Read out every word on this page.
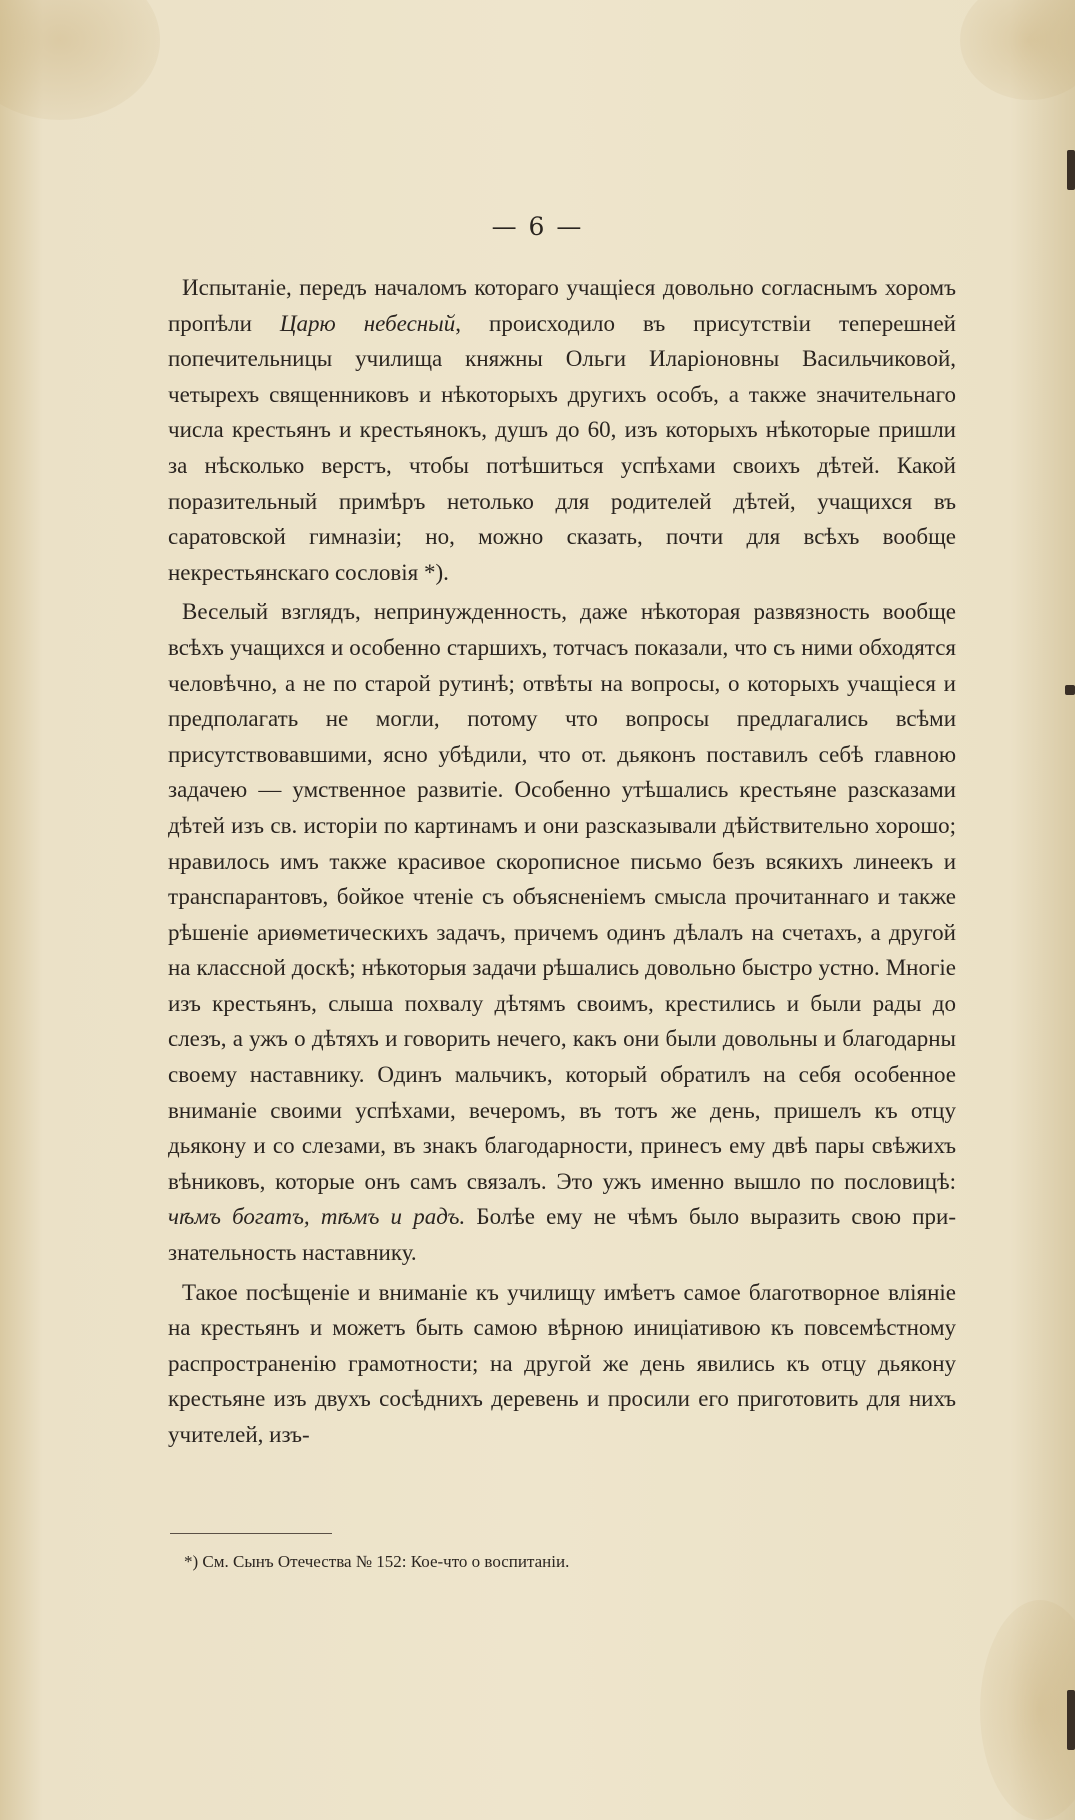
— 6 —

Испытаніе, передъ началомъ котораго учащіеся довольно согласнымъ хоромъ пропѣли Царю небесный, происходило въ присутствіи теперешней попечительницы училища княжны Ольги Иларіоновны Васильчиковой, четырехъ священниковъ и нѣкоторыхъ другихъ особъ, а также значительнаго числа крестьянъ и крестьянокъ, душъ до 60, изъ которыхъ нѣкоторые пришли за нѣсколько верстъ, чтобы потѣшиться успѣхами своихъ дѣтей. Какой поразительный примѣръ нетолько для родителей дѣтей, учащихся въ саратовской гимназіи; но, можно сказать, почти для всѣхъ вообще некрестьянскаго сословія *).

Веселый взглядъ, непринужденность, даже нѣкоторая развязность вообще всѣхъ учащихся и особенно старшихъ, тотчасъ показали, что съ ними обходятся человѣчно, а не по старой рутинѣ; отвѣты на вопросы, о которыхъ учащіеся и предполагать не могли, потому что вопросы предлагались всѣми присутствовавшими, ясно убѣдили, что от. дьяконъ поставилъ себѣ главною задачею — умственное развитіе. Особенно утѣшались крестьяне разсказами дѣтей изъ св. исторіи по картинамъ и они разсказывали дѣйствительно хорошо; нравилось имъ также красивое скорописное письмо безъ всякихъ линеекъ и транспарантовъ, бойкое чтеніе съ объясненіемъ смысла прочитаннаго и также рѣшеніе ариѳметическихъ задачъ, причемъ одинъ дѣлалъ на счетахъ, а другой на классной доскѣ; нѣкоторыя задачи рѣшались довольно быстро устно. Многіе изъ крестьянъ, слыша похвалу дѣтямъ своимъ, крестились и были рады до слезъ, а ужъ о дѣтяхъ и говорить нечего, какъ они были довольны и благодарны своему наставнику. Одинъ мальчикъ, который обратилъ на себя особенное вниманіе своими успѣхами, вечеромъ, въ тотъ же день, пришелъ къ отцу дьякону и со слезами, въ знакъ благодарности, принесъ ему двѣ пары свѣжихъ вѣниковъ, которые онъ самъ связалъ. Это ужъ именно вышло по пословицѣ: чѣмъ богатъ, тѣмъ и радъ. Болѣе ему не чѣмъ было выразить свою признательность наставнику.

Такое посѣщеніе и вниманіе къ училищу имѣетъ самое благотворное вліяніе на крестьянъ и можетъ быть самою вѣрною иниціативою къ повсемѣстному распространенію грамотности; на другой же день явились къ отцу дьякону крестьяне изъ двухъ сосѣднихъ деревень и просили его приготовить для нихъ учителей, изъ-

*) См. Сынъ Отечества № 152: Кое-что о воспитаніи.
